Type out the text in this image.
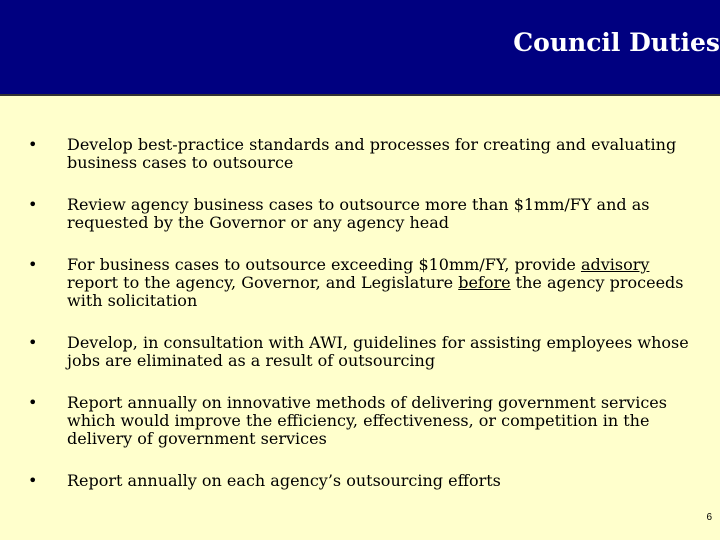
Council Duties
• Develop best-practice standards and processes for creating and evaluating business cases to outsource
• Review agency business cases to outsource more than $1mm/FY and as requested by the Governor or any agency head
• For business cases to outsource exceeding $10mm/FY, provide advisory report to the agency, Governor, and Legislature before the agency proceeds with solicitation
• Develop, in consultation with AWI, guidelines for assisting employees whose jobs are eliminated as a result of outsourcing
• Report annually on innovative methods of delivering government services which would improve the efficiency, effectiveness, or competition in the delivery of government services
• Report annually on each agency’s outsourcing efforts
6
